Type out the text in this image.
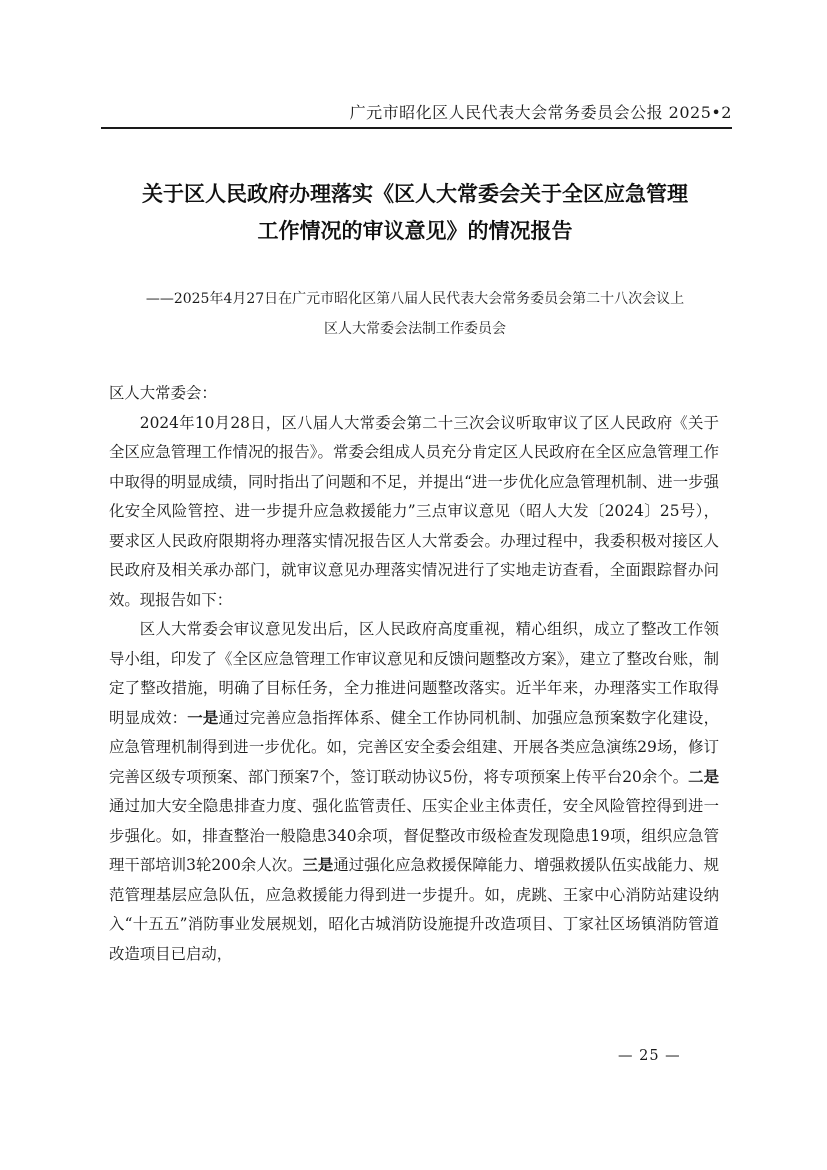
广元市昭化区人民代表大会常务委员会公报 2025•2
关于区人民政府办理落实《区人大常委会关于全区应急管理
工作情况的审议意见》的情况报告
——2025年4月27日在广元市昭化区第八届人民代表大会常务委员会第二十八次会议上
区人大常委会法制工作委员会

区人大常委会：

2024年10月28日，区八届人大常委会第二十三次会议听取审议了区人民政府《关于全区应急管理工作情况的报告》。常委会组成人员充分肯定区人民政府在全区应急管理工作中取得的明显成绩，同时指出了问题和不足，并提出“进一步优化应急管理机制、进一步强化安全风险管控、进一步提升应急救援能力”三点审议意见（昭人大发〔2024〕25号），要求区人民政府限期将办理落实情况报告区人大常委会。办理过程中，我委积极对接区人民政府及相关承办部门，就审议意见办理落实情况进行了实地走访查看，全面跟踪督办问效。现报告如下：

区人大常委会审议意见发出后，区人民政府高度重视，精心组织，成立了整改工作领导小组，印发了《全区应急管理工作审议意见和反馈问题整改方案》，建立了整改台账，制定了整改措施，明确了目标任务，全力推进问题整改落实。近半年来，办理落实工作取得明显成效：一是通过完善应急指挥体系、健全工作协同机制、加强应急预案数字化建设，应急管理机制得到进一步优化。如，完善区安全委会组建、开展各类应急演练29场，修订完善区级专项预案、部门预案7个，签订联动协议5份，将专项预案上传平台20余个。二是通过加大安全隐患排查力度、强化监管责任、压实企业主体责任，安全风险管控得到进一步强化。如，排查整治一般隐患340余项，督促整改市级检查发现隐患19项，组织应急管理干部培训3轮200余人次。三是通过强化应急救援保障能力、增强救援队伍实战能力、规范管理基层应急队伍，应急救援能力得到进一步提升。如，虎跳、王家中心消防站建设纳入“十五五”消防事业发展规划，昭化古城消防设施提升改造项目、丁家社区场镇消防管道改造项目已启动，

— 25 —
